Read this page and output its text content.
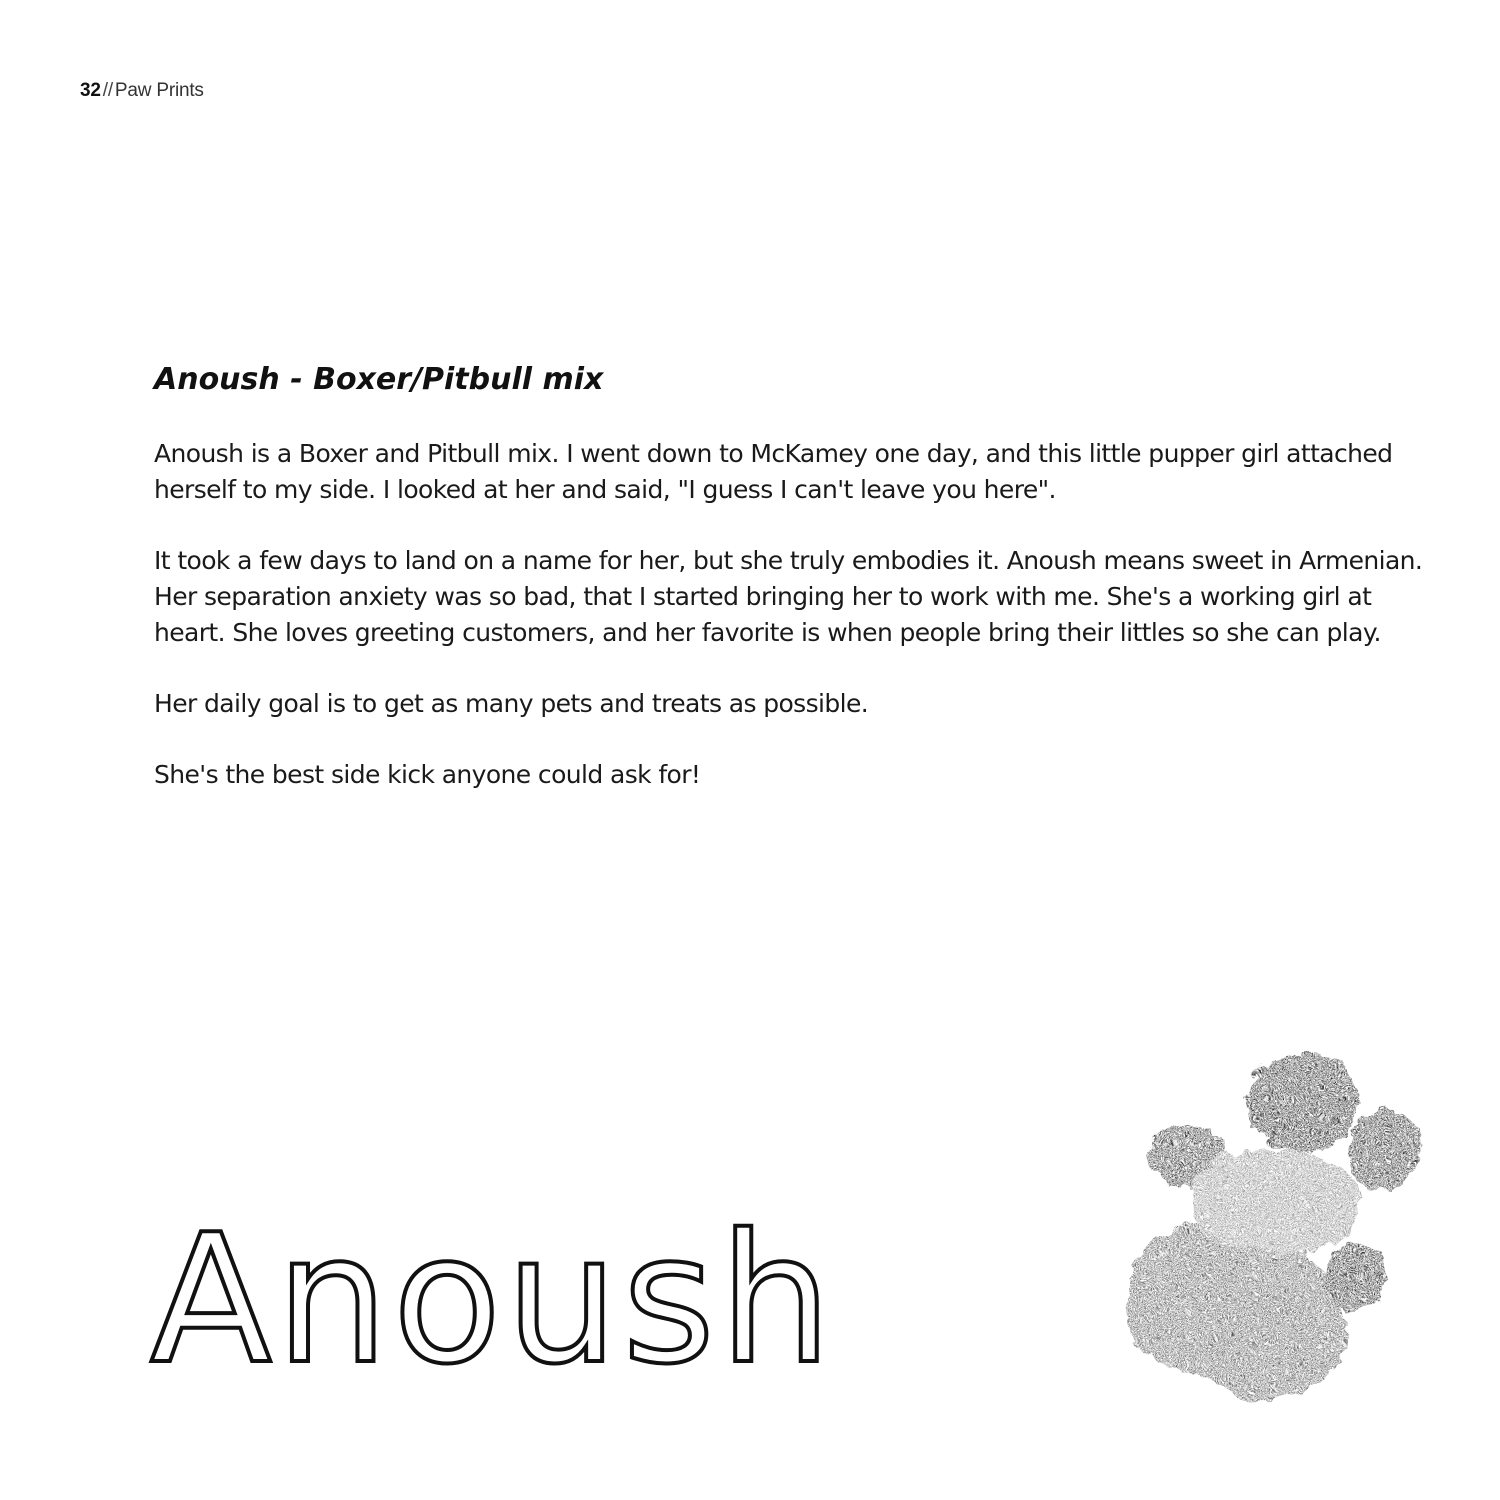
32 // Paw Prints
Anoush - Boxer/Pitbull mix

Anoush is a Boxer and Pitbull mix. I went down to McKamey one day, and this little pupper girl attached herself to my side. I looked at her and said, "I guess I can't leave you here".

It took a few days to land on a name for her, but she truly embodies it. Anoush means sweet in Armenian. Her separation anxiety was so bad, that I started bringing her to work with me. She's a working girl at heart. She loves greeting customers, and her favorite is when people bring their littles so she can play.

Her daily goal is to get as many pets and treats as possible.

She's the best side kick anyone could ask for!

Anoush
